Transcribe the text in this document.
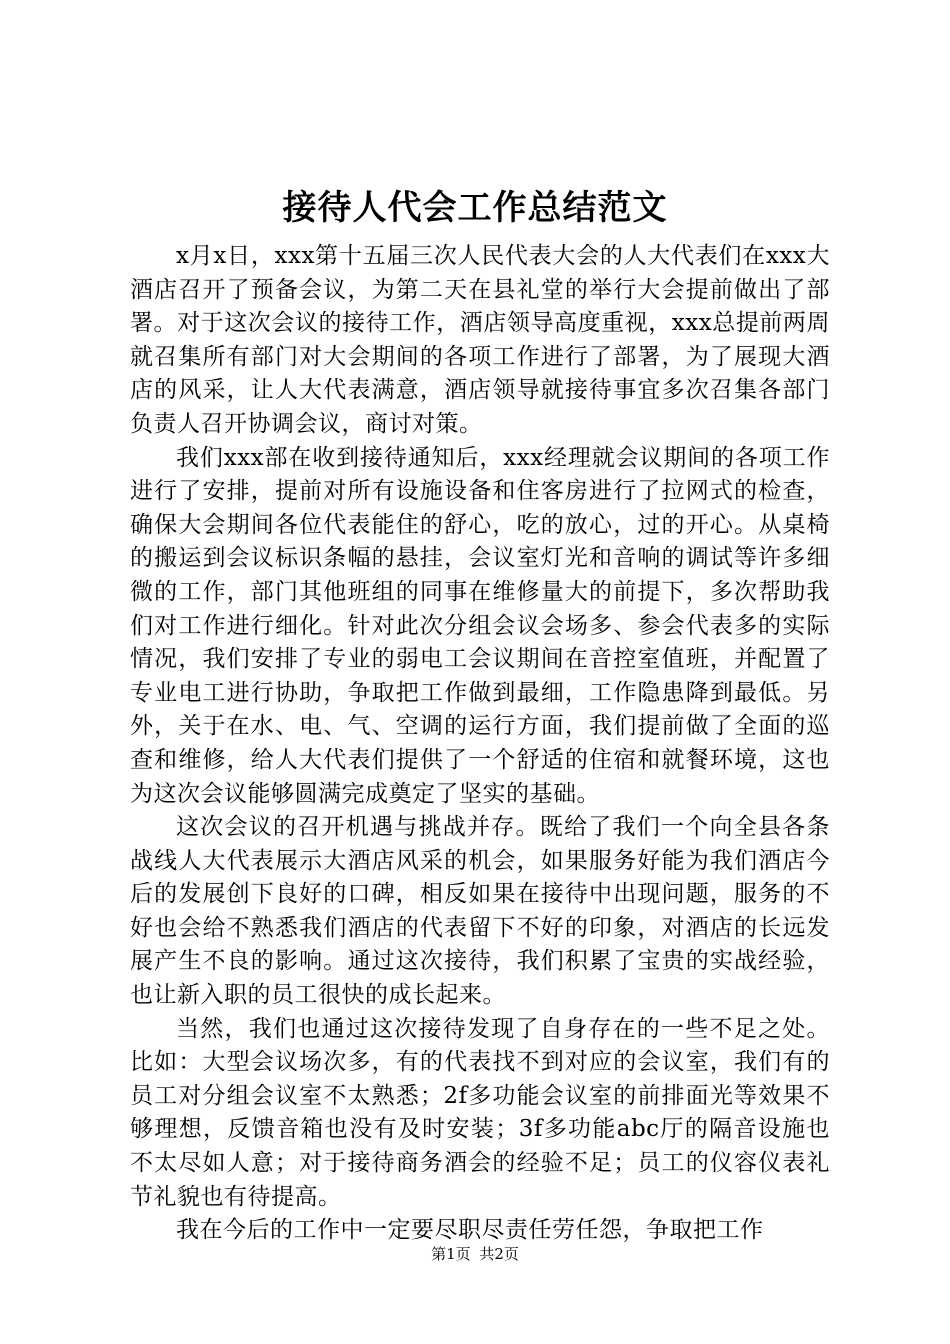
接待人代会工作总结范文

x月x日，xxx第十五届三次人民代表大会的人大代表们在xxx大酒店召开了预备会议，为第二天在县礼堂的举行大会提前做出了部署。对于这次会议的接待工作，酒店领导高度重视，xxx总提前两周就召集所有部门对大会期间的各项工作进行了部署，为了展现大酒店的风采，让人大代表满意，酒店领导就接待事宜多次召集各部门负责人召开协调会议，商讨对策。

我们xxx部在收到接待通知后，xxx经理就会议期间的各项工作进行了安排，提前对所有设施设备和住客房进行了拉网式的检查，确保大会期间各位代表能住的舒心，吃的放心，过的开心。从桌椅的搬运到会议标识条幅的悬挂，会议室灯光和音响的调试等许多细微的工作，部门其他班组的同事在维修量大的前提下，多次帮助我们对工作进行细化。针对此次分组会议会场多、参会代表多的实际情况，我们安排了专业的弱电工会议期间在音控室值班，并配置了专业电工进行协助，争取把工作做到最细，工作隐患降到最低。另外，关于在水、电、气、空调的运行方面，我们提前做了全面的巡查和维修，给人大代表们提供了一个舒适的住宿和就餐环境，这也为这次会议能够圆满完成奠定了坚实的基础。

这次会议的召开机遇与挑战并存。既给了我们一个向全县各条战线人大代表展示大酒店风采的机会，如果服务好能为我们酒店今后的发展创下良好的口碑，相反如果在接待中出现问题，服务的不好也会给不熟悉我们酒店的代表留下不好的印象，对酒店的长远发展产生不良的影响。通过这次接待，我们积累了宝贵的实战经验，也让新入职的员工很快的成长起来。

当然，我们也通过这次接待发现了自身存在的一些不足之处。比如：大型会议场次多，有的代表找不到对应的会议室，我们有的员工对分组会议室不太熟悉；2f多功能会议室的前排面光等效果不够理想，反馈音箱也没有及时安装；3f多功能abc厅的隔音设施也不太尽如人意；对于接待商务酒会的经验不足；员工的仪容仪表礼节礼貌也有待提高。

我在今后的工作中一定要尽职尽责任劳任怨，争取把工作

第1页 共2页
